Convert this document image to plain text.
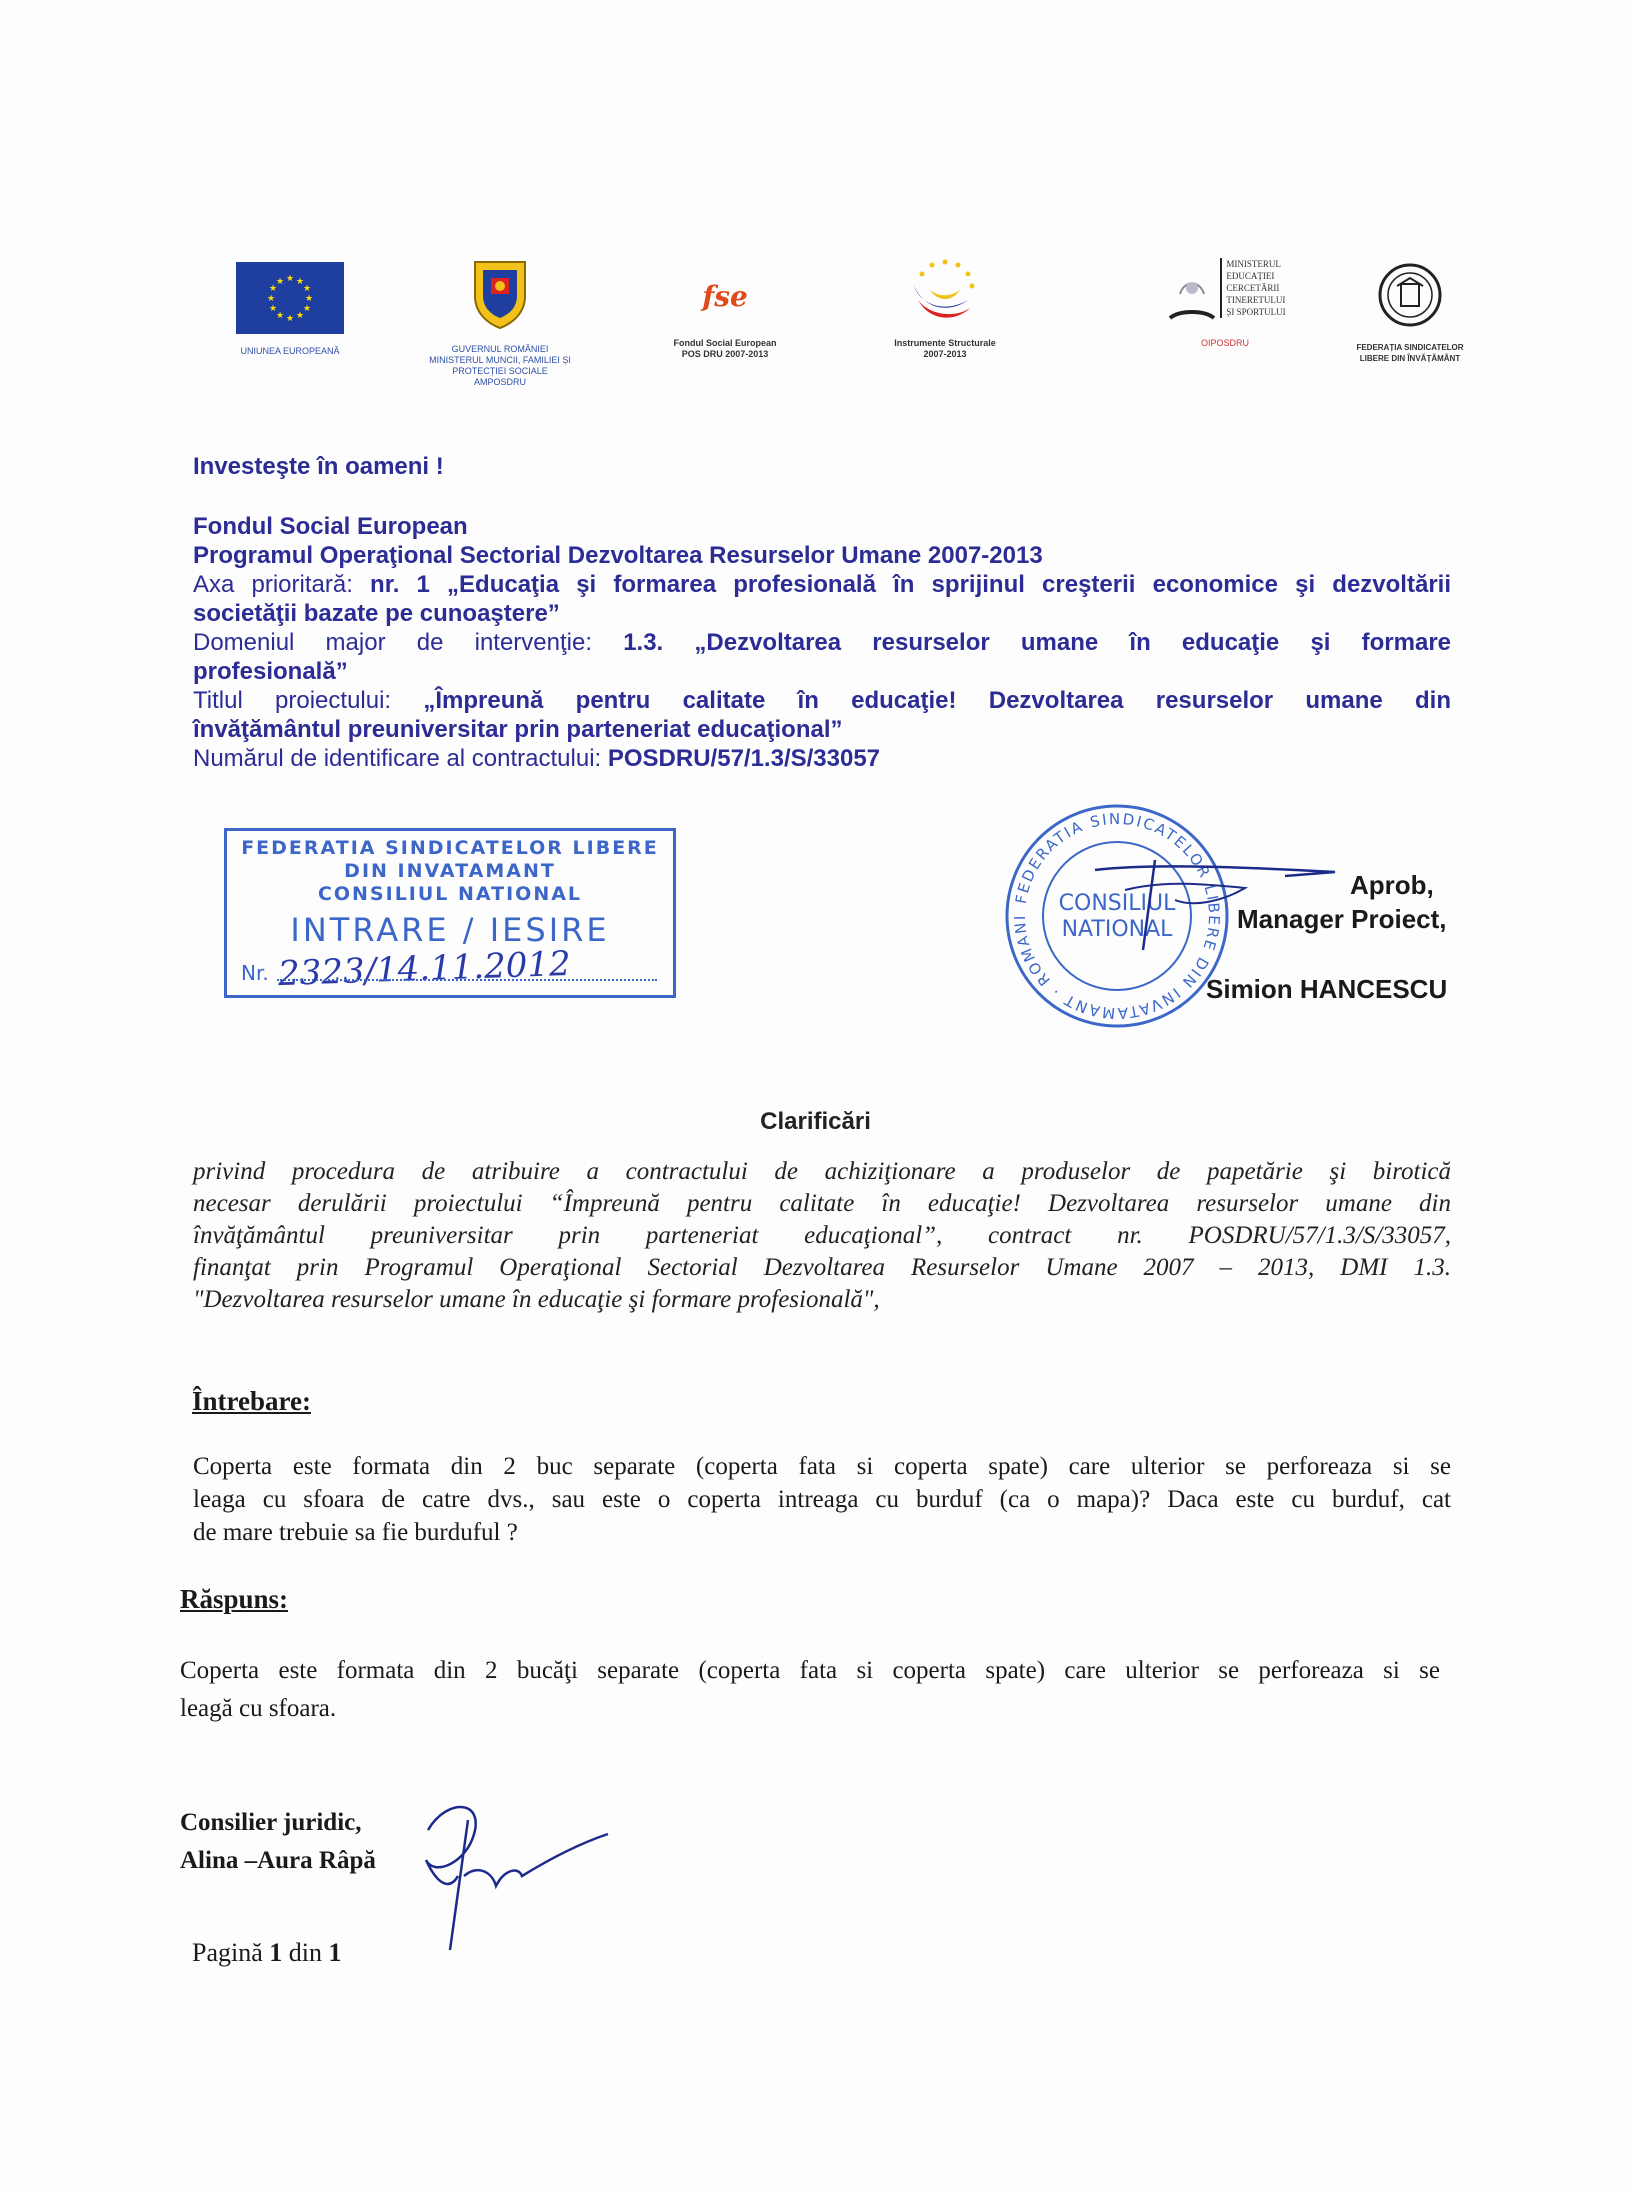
★ ★
★
★
★
★
★
★
★
★
★
★
UNIUNEA EUROPEANĂ	GUVERNUL ROMÂNIEI
MINISTERUL MUNCII, FAMILIEI ȘI
PROTECȚIEI SOCIALE
AMPOSDRU
fse
Fondul Social European
POS DRU 2007-2013
Instrumente Structurale
2007-2013
MINISTERUL
EDUCAȚIEI
CERCETĂRII
TINERETULUI
ȘI SPORTULUI
OIPOSDRU	FEDERAȚIA SINDICATELOR
LIBERE DIN ÎNVĂȚĂMÂNT
Investeşte în oameni !
Fondul Social European
Programul Operaţional Sectorial Dezvoltarea Resurselor Umane 2007-2013
Axa prioritară: nr. 1 „Educaţia şi formarea profesională în sprijinul creşterii economice şi dezvoltării
societăţii bazate pe cunoaştere”
Domeniul major de intervenţie: 1.3. „Dezvoltarea resurselor umane în educaţie şi formare
profesională”
Titlul proiectului: „Împreună pentru calitate în educaţie! Dezvoltarea resurselor umane din
învăţământul preuniversitar prin parteneriat educaţional”
Numărul de identificare al contractului: POSDRU/57/1.3/S/33057
FEDERATIA SINDICATELOR LIBERE
DIN INVATAMANT
CONSILIUL NATIONAL
INTRARE / IESIRE
Nr. 2323/14.11.2012
FEDERATIA SINDICATELOR LIBERE DIN INVATAMANT · ROMANI
CONSILIUL
NATIONAL
Aprob,
Manager Proiect,
Simion HANCESCU
Clarificări
privind procedura de atribuire a contractului de achiziţionare a produselor de papetărie şi birotică
necesar derulării proiectului “Împreună pentru calitate în educaţie! Dezvoltarea resurselor umane din
învăţământul preuniversitar prin parteneriat educaţional”, contract nr. POSDRU/57/1.3/S/33057,
finanţat prin Programul Operaţional Sectorial Dezvoltarea Resurselor Umane 2007 – 2013, DMI 1.3.
"Dezvoltarea resurselor umane în educaţie şi formare profesională",
Întrebare:
Coperta este formata din 2 buc separate (coperta fata si coperta spate) care ulterior se perforeaza si se
leaga cu sfoara de catre dvs., sau este o coperta intreaga cu burduf (ca o mapa)? Daca este cu burduf, cat
de mare trebuie sa fie burduful ?
Răspuns:
Coperta este formata din 2 bucăţi separate (coperta fata si coperta spate) care ulterior se perforeaza si se
leagă cu sfoara.
Consilier juridic,
Alina –Aura Râpă
Pagină 1 din 1
